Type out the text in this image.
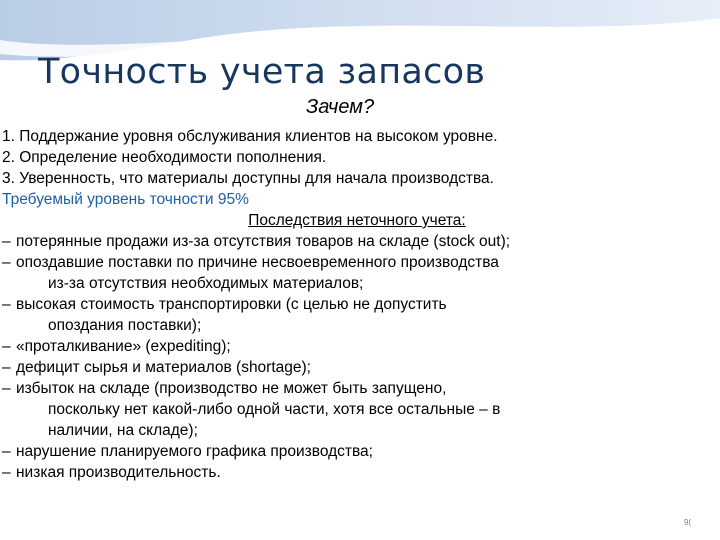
Точность учета запасов
Зачем?
1. Поддержание уровня обслуживания клиентов на высоком уровне.
2. Определение необходимости пополнения.
3. Уверенность, что материалы доступны для начала производства.
Требуемый уровень точности 95%
Последствия неточного учета:
– потерянные продажи из-за отсутствия товаров на складе (stock out);
– опоздавшие поставки по причине несвоевременного производства
из-за отсутствия необходимых материалов;
– высокая стоимость транспортировки (с целью не допустить
опоздания поставки);
– «проталкивание» (expediting);
– дефицит сырья и материалов (shortage);
– избыток на складе (производство не может быть запущено,
поскольку нет какой-либо одной части, хотя все остальные – в
наличии, на складе);
– нарушение планируемого графика производства;
– низкая производительность.
9(
